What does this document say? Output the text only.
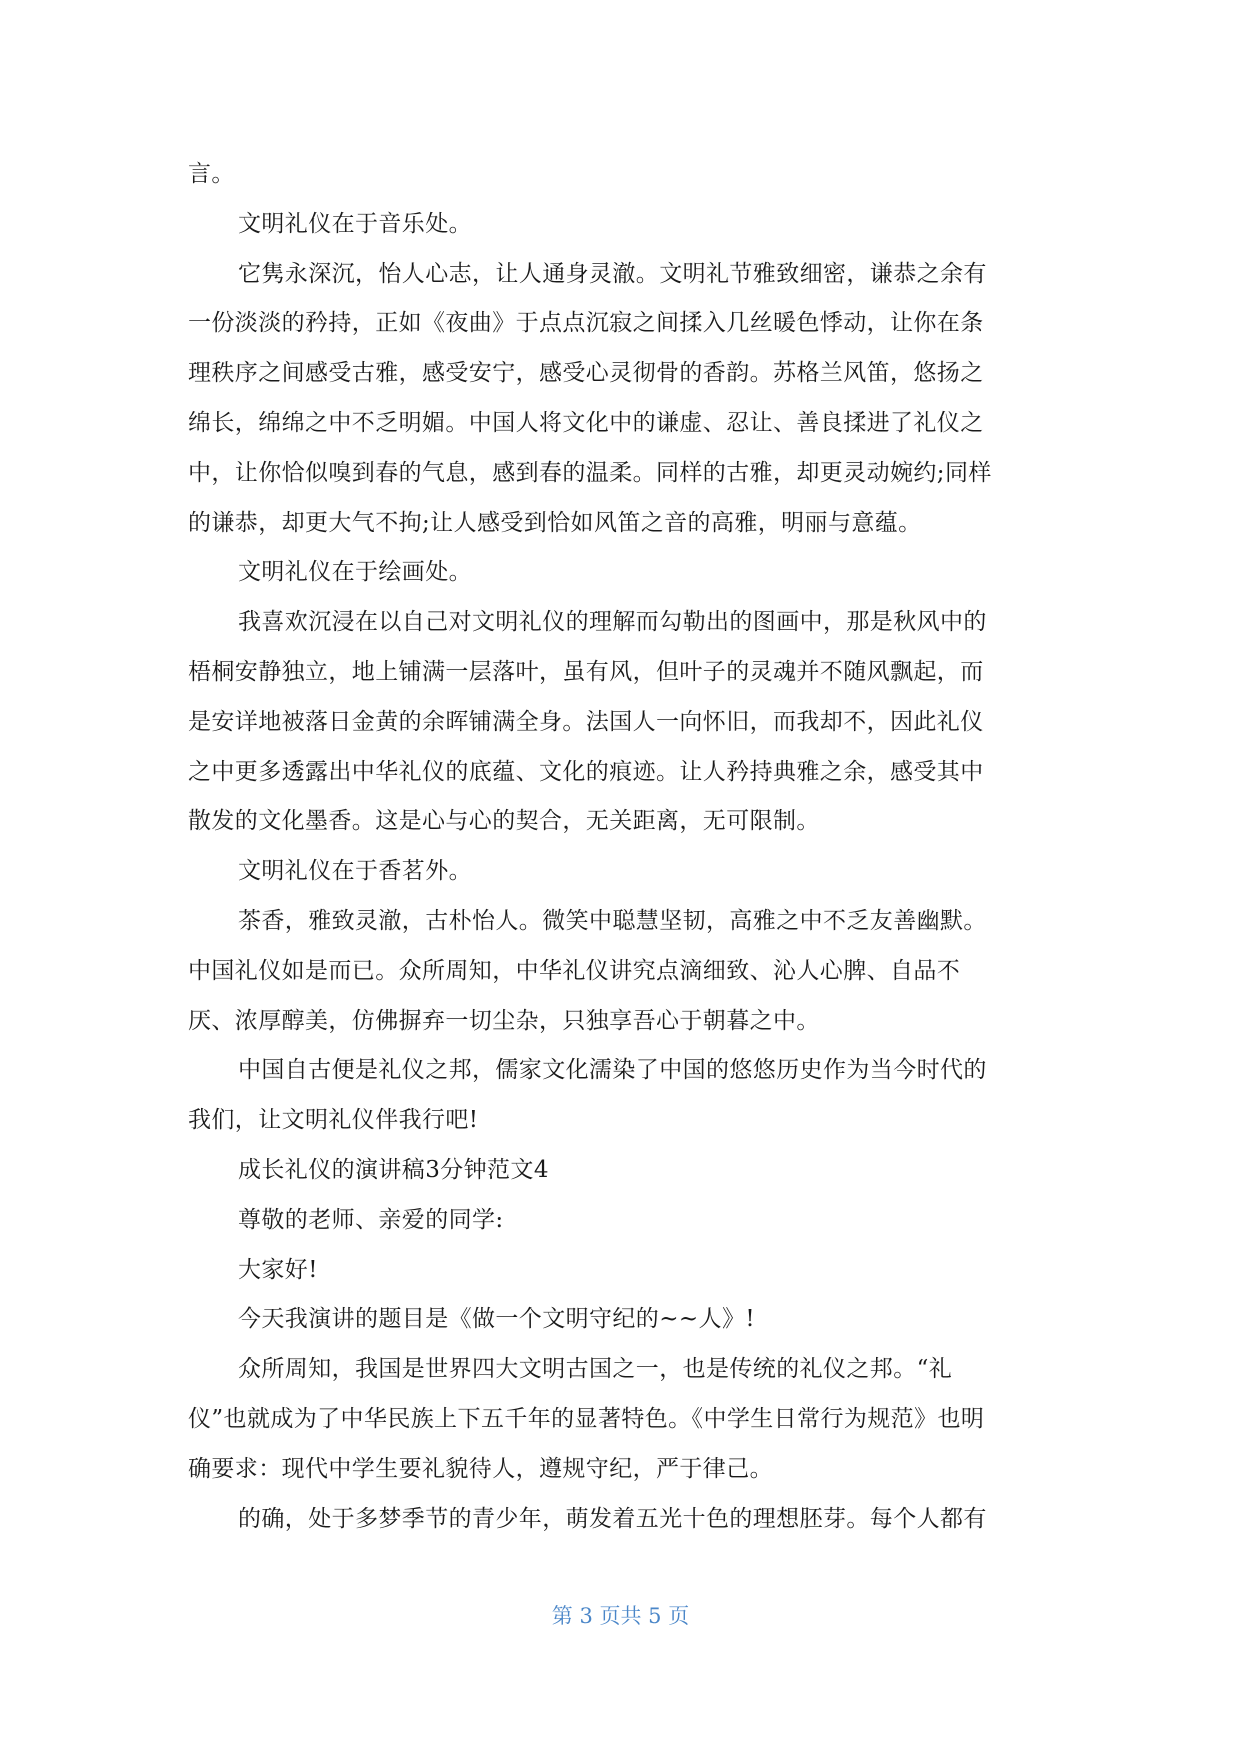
言。
文明礼仪在于音乐处。
它隽永深沉，怡人心志，让人通身灵澈。文明礼节雅致细密，谦恭之余有
一份淡淡的矜持，正如《夜曲》于点点沉寂之间揉入几丝暖色悸动，让你在条
理秩序之间感受古雅，感受安宁，感受心灵彻骨的香韵。苏格兰风笛，悠扬之
绵长，绵绵之中不乏明媚。中国人将文化中的谦虚、忍让、善良揉进了礼仪之
中，让你恰似嗅到春的气息，感到春的温柔。同样的古雅，却更灵动婉约;同样
的谦恭，却更大气不拘;让人感受到恰如风笛之音的高雅，明丽与意蕴。
文明礼仪在于绘画处。
我喜欢沉浸在以自己对文明礼仪的理解而勾勒出的图画中，那是秋风中的
梧桐安静独立，地上铺满一层落叶，虽有风，但叶子的灵魂并不随风飘起，而
是安详地被落日金黄的余晖铺满全身。法国人一向怀旧，而我却不，因此礼仪
之中更多透露出中华礼仪的底蕴、文化的痕迹。让人矜持典雅之余，感受其中
散发的文化墨香。这是心与心的契合，无关距离，无可限制。
文明礼仪在于香茗外。
茶香，雅致灵澈，古朴怡人。微笑中聪慧坚韧，高雅之中不乏友善幽默。
中国礼仪如是而已。众所周知，中华礼仪讲究点滴细致、沁人心脾、自品不
厌、浓厚醇美，仿佛摒弃一切尘杂，只独享吾心于朝暮之中。
中国自古便是礼仪之邦，儒家文化濡染了中国的悠悠历史作为当今时代的
我们，让文明礼仪伴我行吧!
成长礼仪的演讲稿3分钟范文4
尊敬的老师、亲爱的同学:
大家好!
今天我演讲的题目是《做一个文明守纪的~~人》!
众所周知，我国是世界四大文明古国之一，也是传统的礼仪之邦。“礼
仪”也就成为了中华民族上下五千年的显著特色。《中学生日常行为规范》也明
确要求：现代中学生要礼貌待人，遵规守纪，严于律己。
的确，处于多梦季节的青少年，萌发着五光十色的理想胚芽。每个人都有
第 3 页共 5 页
